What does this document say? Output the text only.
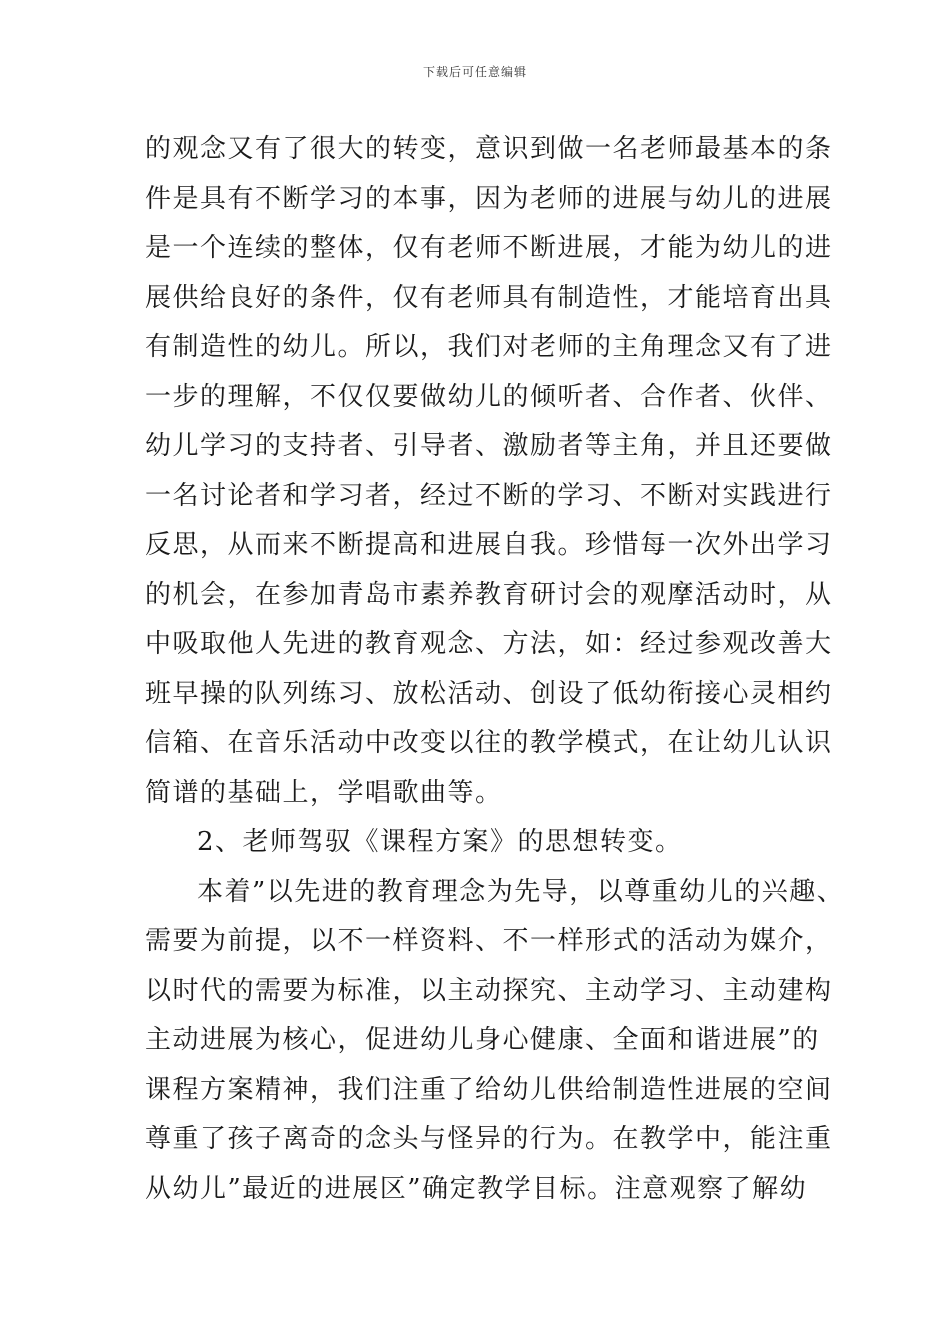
下载后可任意编辑
的观念又有了很大的转变，意识到做一名老师最基本的条
件是具有不断学习的本事，因为老师的进展与幼儿的进展
是一个连续的整体，仅有老师不断进展，才能为幼儿的进
展供给良好的条件，仅有老师具有制造性，才能培育出具
有制造性的幼儿。所以，我们对老师的主角理念又有了进
一步的理解，不仅仅要做幼儿的倾听者、合作者、伙伴、
幼儿学习的支持者、引导者、激励者等主角，并且还要做
一名讨论者和学习者，经过不断的学习、不断对实践进行
反思，从而来不断提高和进展自我。珍惜每一次外出学习
的机会，在参加青岛市素养教育研讨会的观摩活动时，从
中吸取他人先进的教育观念、方法，如：经过参观改善大
班早操的队列练习、放松活动、创设了低幼衔接心灵相约
信箱、在音乐活动中改变以往的教学模式，在让幼儿认识
简谱的基础上，学唱歌曲等。
2、老师驾驭《课程方案》的思想转变。
本着”以先进的教育理念为先导，以尊重幼儿的兴趣、
需要为前提，以不一样资料、不一样形式的活动为媒介，
以时代的需要为标准，以主动探究、主动学习、主动建构
主动进展为核心，促进幼儿身心健康、全面和谐进展”的
课程方案精神，我们注重了给幼儿供给制造性进展的空间
尊重了孩子离奇的念头与怪异的行为。在教学中，能注重
从幼儿”最近的进展区”确定教学目标。注意观察了解幼
